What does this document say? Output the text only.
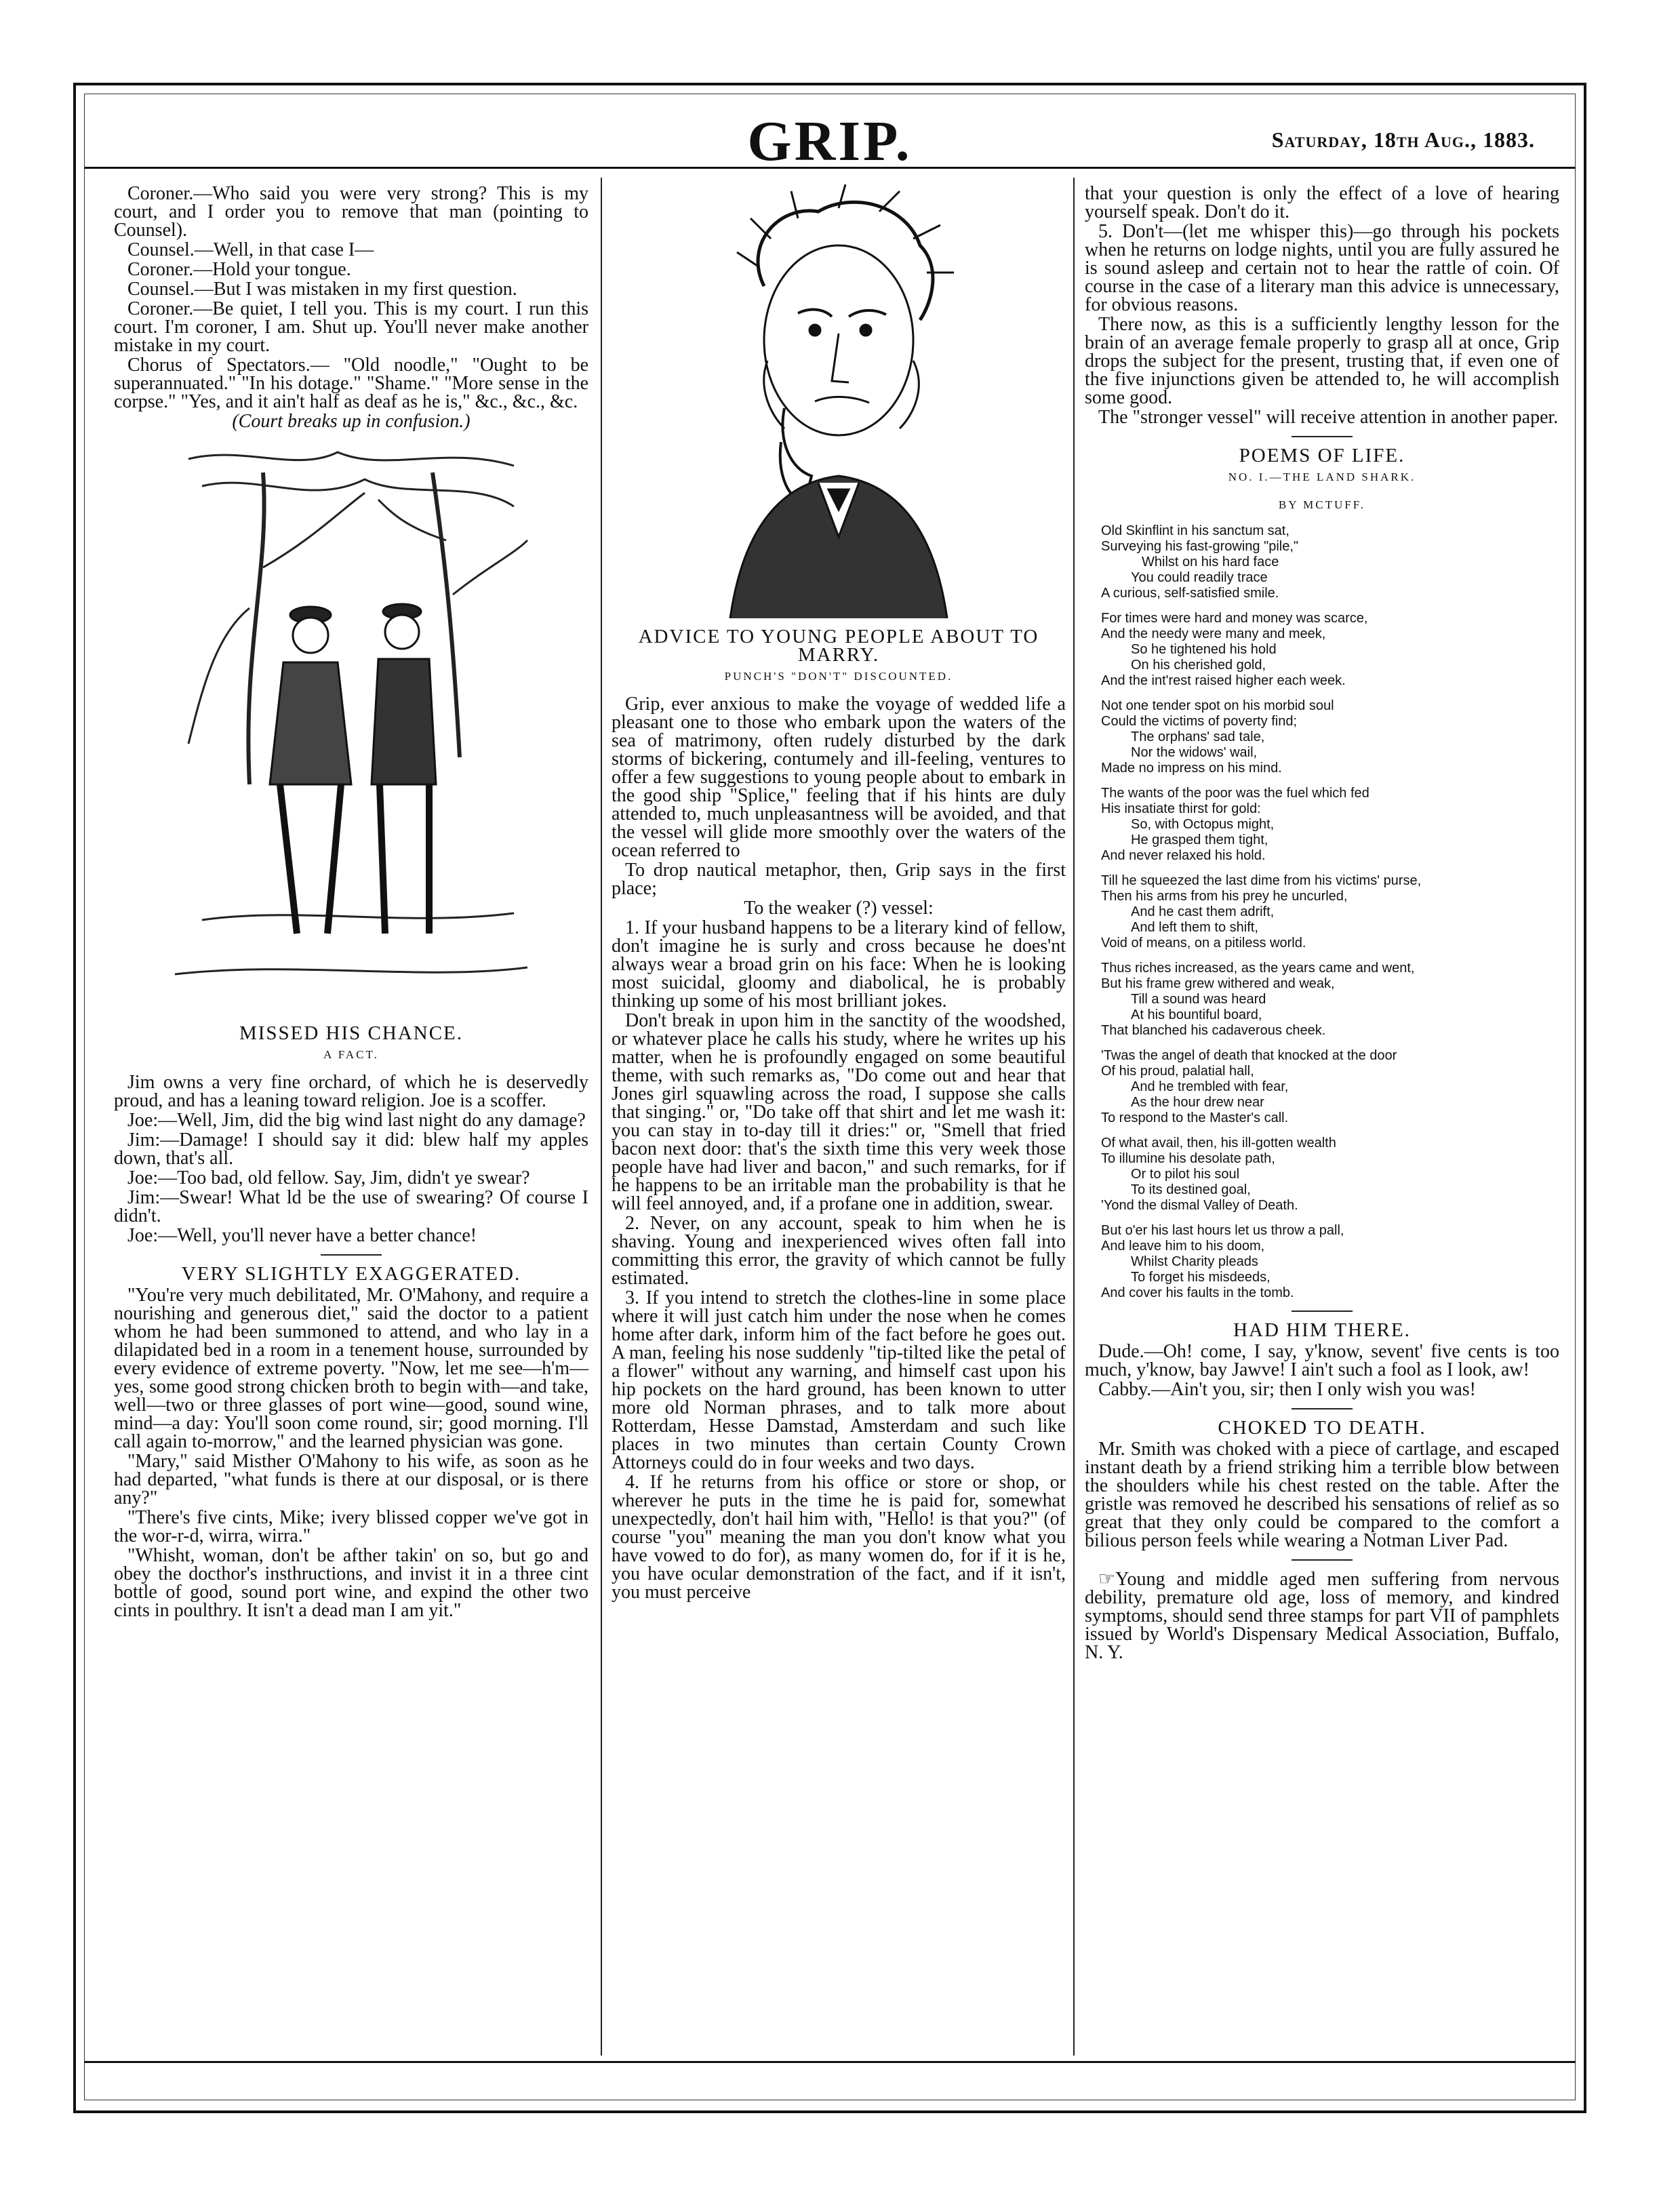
GRIP.	Saturday, 18th Aug., 1883.

Coroner.—Who said you were very strong? This is my court, and I order you to remove that man (pointing to Counsel).

Counsel.—Well, in that case I—

Coroner.—Hold your tongue.

Counsel.—But I was mistaken in my first question.

Coroner.—Be quiet, I tell you. This is my court. I run this court. I'm coroner, I am. Shut up. You'll never make another mistake in my court.

Chorus of Spectators.— "Old noodle," "Ought to be superannuated." "In his dotage." "Shame." "More sense in the corpse." "Yes, and it ain't half as deaf as he is," &c., &c., &c.

(Court breaks up in confusion.)

MISSED HIS CHANCE.
A FACT.

Jim owns a very fine orchard, of which he is deservedly proud, and has a leaning toward religion. Joe is a scoffer.

Joe:—Well, Jim, did the big wind last night do any damage?

Jim:—Damage! I should say it did: blew half my apples down, that's all.

Joe:—Too bad, old fellow. Say, Jim, didn't ye swear?

Jim:—Swear! What ld be the use of swearing? Of course I didn't.

Joe:—Well, you'll never have a better chance!

VERY SLIGHTLY EXAGGERATED.

"You're very much debilitated, Mr. O'Mahony, and require a nourishing and generous diet," said the doctor to a patient whom he had been summoned to attend, and who lay in a dilapidated bed in a room in a tenement house, surrounded by every evidence of extreme poverty. "Now, let me see—h'm—yes, some good strong chicken broth to begin with—and take, well—two or three glasses of port wine—good, sound wine, mind—a day: You'll soon come round, sir; good morning. I'll call again to-morrow," and the learned physician was gone.

"Mary," said Misther O'Mahony to his wife, as soon as he had departed, "what funds is there at our disposal, or is there any?"

"There's five cints, Mike; ivery blissed copper we've got in the wor-r-d, wirra, wirra."

"Whisht, woman, don't be afther takin' on so, but go and obey the docthor's insthructions, and invist it in a three cint bottle of good, sound port wine, and expind the other two cints in poulthry. It isn't a dead man I am yit."

ADVICE TO YOUNG PEOPLE ABOUT TO MARRY.
PUNCH'S "DON'T" DISCOUNTED.

Grip, ever anxious to make the voyage of wedded life a pleasant one to those who embark upon the waters of the sea of matrimony, often rudely disturbed by the dark storms of bickering, contumely and ill-feeling, ventures to offer a few suggestions to young people about to embark in the good ship "Splice," feeling that if his hints are duly attended to, much unpleasantness will be avoided, and that the vessel will glide more smoothly over the waters of the ocean referred to

To drop nautical metaphor, then, Grip says in the first place;

To the weaker (?) vessel:

1. If your husband happens to be a literary kind of fellow, don't imagine he is surly and cross because he does'nt always wear a broad grin on his face: When he is looking most suicidal, gloomy and diabolical, he is probably thinking up some of his most brilliant jokes.

Don't break in upon him in the sanctity of the woodshed, or whatever place he calls his study, where he writes up his matter, when he is profoundly engaged on some beautiful theme, with such remarks as, "Do come out and hear that Jones girl squawling across the road, I suppose she calls that singing." or, "Do take off that shirt and let me wash it: you can stay in to-day till it dries:" or, "Smell that fried bacon next door: that's the sixth time this very week those people have had liver and bacon," and such remarks, for if he happens to be an irritable man the probability is that he will feel annoyed, and, if a profane one in addition, swear.

2. Never, on any account, speak to him when he is shaving. Young and inexperienced wives often fall into committing this error, the gravity of which cannot be fully estimated.

3. If you intend to stretch the clothes-line in some place where it will just catch him under the nose when he comes home after dark, inform him of the fact before he goes out. A man, feeling his nose suddenly "tip-tilted like the petal of a flower" without any warning, and himself cast upon his hip pockets on the hard ground, has been known to utter more old Norman phrases, and to talk more about Rotterdam, Hesse Damstad, Amsterdam and such like places in two minutes than certain County Crown Attorneys could do in four weeks and two days.

4. If he returns from his office or store or shop, or wherever he puts in the time he is paid for, somewhat unexpectedly, don't hail him with, "Hello! is that you?" (of course "you" meaning the man you don't know what you have vowed to do for), as many women do, for if it is he, you have ocular demonstration of the fact, and if it isn't, you must perceive

that your question is only the effect of a love of hearing yourself speak. Don't do it.

5. Don't—(let me whisper this)—go through his pockets when he returns on lodge nights, until you are fully assured he is sound asleep and certain not to hear the rattle of coin. Of course in the case of a literary man this advice is unnecessary, for obvious reasons.

There now, as this is a sufficiently lengthy lesson for the brain of an average female properly to grasp all at once, Grip drops the subject for the present, trusting that, if even one of the five injunctions given be attended to, he will accomplish some good.

The "stronger vessel" will receive attention in another paper.

POEMS OF LIFE.
NO. I.—THE LAND SHARK.
BY MCTUFF.
Old Skinflint in his sanctum sat,
Surveying his fast-growing "pile,"
Whilst on his hard face
You could readily trace
A curious, self-satisfied smile.
For times were hard and money was scarce,
And the needy were many and meek,
So he tightened his hold
On his cherished gold,
And the int'rest raised higher each week.
Not one tender spot on his morbid soul
Could the victims of poverty find;
The orphans' sad tale,
Nor the widows' wail,
Made no impress on his mind.
The wants of the poor was the fuel which fed
His insatiate thirst for gold:
So, with Octopus might,
He grasped them tight,
And never relaxed his hold.
Till he squeezed the last dime from his victims' purse,
Then his arms from his prey he uncurled,
And he cast them adrift,
And left them to shift,
Void of means, on a pitiless world.
Thus riches increased, as the years came and went,
But his frame grew withered and weak,
Till a sound was heard
At his bountiful board,
That blanched his cadaverous cheek.
'Twas the angel of death that knocked at the door
Of his proud, palatial hall,
And he trembled with fear,
As the hour drew near
To respond to the Master's call.
Of what avail, then, his ill-gotten wealth
To illumine his desolate path,
Or to pilot his soul
To its destined goal,
'Yond the dismal Valley of Death.
But o'er his last hours let us throw a pall,
And leave him to his doom,
Whilst Charity pleads
To forget his misdeeds,
And cover his faults in the tomb.
HAD HIM THERE.

Dude.—Oh! come, I say, y'know, sevent' five cents is too much, y'know, bay Jawve! I ain't such a fool as I look, aw!

Cabby.—Ain't you, sir; then I only wish you was!

CHOKED TO DEATH.

Mr. Smith was choked with a piece of cartlage, and escaped instant death by a friend striking him a terrible blow between the shoulders while his chest rested on the table. After the gristle was removed he described his sensations of relief as so great that they only could be compared to the comfort a bilious person feels while wearing a Notman Liver Pad.

☞Young and middle aged men suffering from nervous debility, premature old age, loss of memory, and kindred symptoms, should send three stamps for part VII of pamphlets issued by World's Dispensary Medical Association, Buffalo, N. Y.
